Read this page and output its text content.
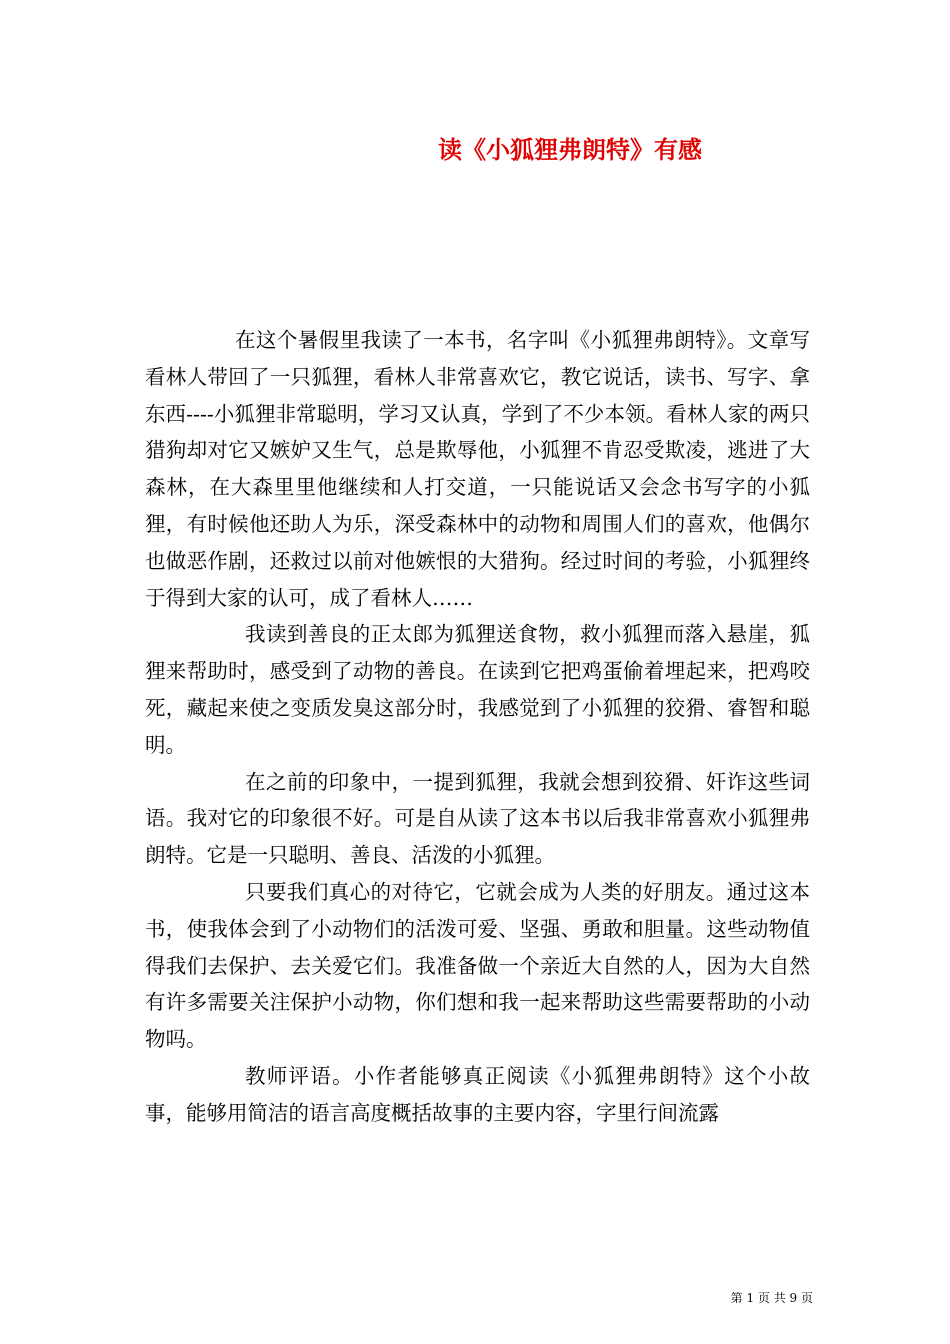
读《小狐狸弗朗特》有感

在这个暑假里我读了一本书，名字叫《小狐狸弗朗特》。文章写看林人带回了一只狐狸，看林人非常喜欢它，教它说话，读书、写字、拿东西----小狐狸非常聪明，学习又认真，学到了不少本领。看林人家的两只猎狗却对它又嫉妒又生气，总是欺辱他，小狐狸不肯忍受欺凌，逃进了大森林，在大森里里他继续和人打交道，一只能说话又会念书写字的小狐狸，有时候他还助人为乐，深受森林中的动物和周围人们的喜欢，他偶尔也做恶作剧，还救过以前对他嫉恨的大猎狗。经过时间的考验，小狐狸终于得到大家的认可，成了看林人……

我读到善良的正太郎为狐狸送食物，救小狐狸而落入悬崖，狐狸来帮助时，感受到了动物的善良。在读到它把鸡蛋偷着埋起来，把鸡咬死，藏起来使之变质发臭这部分时，我感觉到了小狐狸的狡猾、睿智和聪明。

在之前的印象中，一提到狐狸，我就会想到狡猾、奸诈这些词语。我对它的印象很不好。可是自从读了这本书以后我非常喜欢小狐狸弗朗特。它是一只聪明、善良、活泼的小狐狸。

只要我们真心的对待它，它就会成为人类的好朋友。通过这本书，使我体会到了小动物们的活泼可爱、坚强、勇敢和胆量。这些动物值得我们去保护、去关爱它们。我准备做一个亲近大自然的人，因为大自然有许多需要关注保护小动物，你们想和我一起来帮助这些需要帮助的小动物吗。

教师评语。小作者能够真正阅读《小狐狸弗朗特》这个小故事，能够用简洁的语言高度概括故事的主要内容，字里行间流露

第 1 页 共 9 页
